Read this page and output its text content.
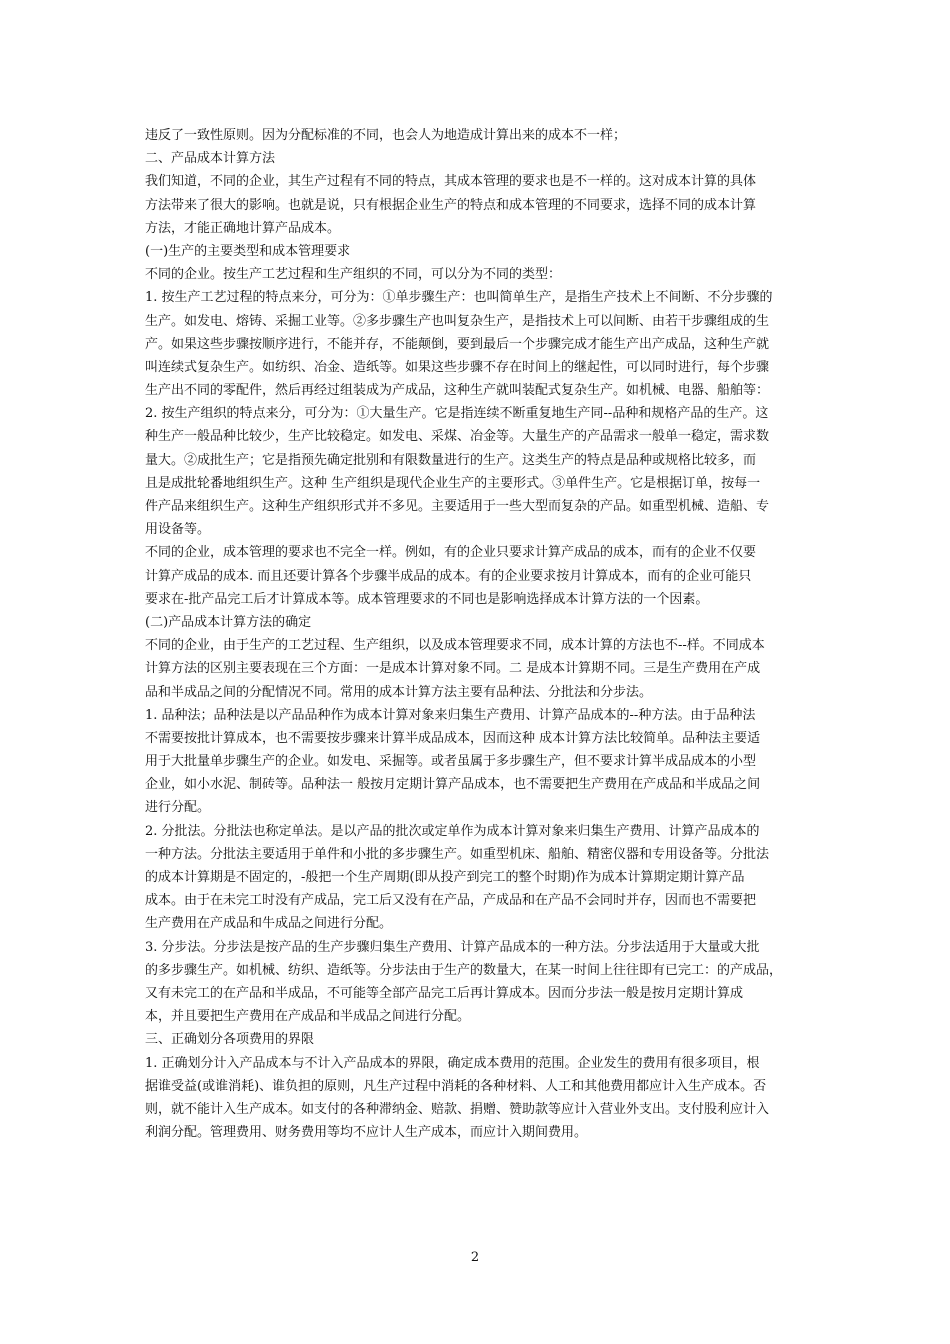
违反了一致性原则。因为分配标准的不同，也会人为地造成计算出来的成本不一样；
二、产品成本计算方法
我们知道，不同的企业，其生产过程有不同的特点，其成本管理的要求也是不一样的。这对成本计算的具体
方法带来了很大的影响。也就是说，只有根据企业生产的特点和成本管理的不同要求，选择不同的成本计算
方法，才能正确地计算产品成本。
(一)生产的主要类型和成本管理要求
不同的企业。按生产工艺过程和生产组织的不同，可以分为不同的类型：
1. 按生产工艺过程的特点来分，可分为：①单步骤生产：也叫简单生产，是指生产技术上不间断、不分步骤的
生产。如发电、熔铸、采掘工业等。②多步骤生产也叫复杂生产，是指技术上可以间断、由若干步骤组成的生
产。如果这些步骤按顺序进行，不能并存，不能颠倒，要到最后一个步骤完成才能生产出产成品，这种生产就
叫连续式复杂生产。如纺织、冶金、造纸等。如果这些步骤不存在时间上的继起性，可以同时进行，每个步骤
生产出不同的零配件，然后再经过组装成为产成品，这种生产就叫装配式复杂生产。如机械、电器、船舶等：
2. 按生产组织的特点来分，可分为：①大量生产。它是指连续不断重复地生产同--品种和规格产品的生产。这
种生产一般品种比较少，生产比较稳定。如发电、采煤、冶金等。大量生产的产品需求一般单一稳定，需求数
量大。②成批生产；它是指预先确定批别和有限数量进行的生产。这类生产的特点是品种或规格比较多，而
且是成批轮番地组织生产。这种 生产组织是现代企业生产的主要形式。③单件生产。它是根据订单，按每一
件产品来组织生产。这种生产组织形式并不多见。主要适用于一些大型而复杂的产品。如重型机械、造船、专
用设备等。
不同的企业，成本管理的要求也不完全一样。例如，有的企业只要求计算产成品的成本，而有的企业不仅要
计算产成品的成本. 而且还要计算各个步骤半成品的成本。有的企业要求按月计算成本，而有的企业可能只
要求在-批产品完工后才计算成本等。成本管理要求的不同也是影响选择成本计算方法的一个因素。
(二)产品成本计算方法的确定
不同的企业，由于生产的工艺过程、生产组织，以及成本管理要求不同，成本计算的方法也不--样。不同成本
计算方法的区别主要表现在三个方面：一是成本计算对象不同。二 是成本计算期不同。三是生产费用在产成
品和半成品之间的分配情况不同。常用的成本计算方法主要有品种法、分批法和分步法。
1. 品种法；品种法是以产品品种作为成本计算对象来归集生产费用、计算产品成本的--种方法。由于品种法
不需要按批计算成本，也不需要按步骤来计算半成品成本，因而这种 成本计算方法比较简单。品种法主要适
用于大批量单步骤生产的企业。如发电、采掘等。或者虽属于多步骤生产，但不要求计算半成品成本的小型
企业，如小水泥、制砖等。品种法一 般按月定期计算产品成本，也不需要把生产费用在产成品和半成品之间
进行分配。
2. 分批法。分批法也称定单法。是以产品的批次或定单作为成本计算对象来归集生产费用、计算产品成本的
一种方法。分批法主要适用于单件和小批的多步骤生产。如重型机床、船舶、精密仪器和专用设备等。分批法
的成本计算期是不固定的，-般把一个生产周期(即从投产到完工的整个时期)作为成本计算期定期计算产品
成本。由于在未完工时没有产成品，完工后又没有在产品，产成品和在产品不会同时并存，因而也不需要把
生产费用在产成品和牛成品之间进行分配。
3. 分步法。分步法是按产品的生产步骤归集生产费用、计算产品成本的一种方法。分步法适用于大量或大批
的多步骤生产。如机械、纺织、造纸等。分步法由于生产的数量大，在某一时间上往往即有已完工：的产成品，
又有未完工的在产品和半成品，不可能等全部产品完工后再计算成本。因而分步法一般是按月定期计算成
本，并且要把生产费用在产成品和半成品之间进行分配。
三、正确划分各项费用的界限
1. 正确划分计入产品成本与不计入产品成本的界限，确定成本费用的范围。企业发生的费用有很多项目，根
据谁受益(或谁消耗)、谁负担的原则，凡生产过程中消耗的各种材料、人工和其他费用都应计入生产成本。否
则，就不能计入生产成本。如支付的各种滞纳金、赔款、捐赠、赞助款等应计入营业外支出。支付股利应计入
利润分配。管理费用、财务费用等均不应计人生产成本，而应计入期间费用。
2
